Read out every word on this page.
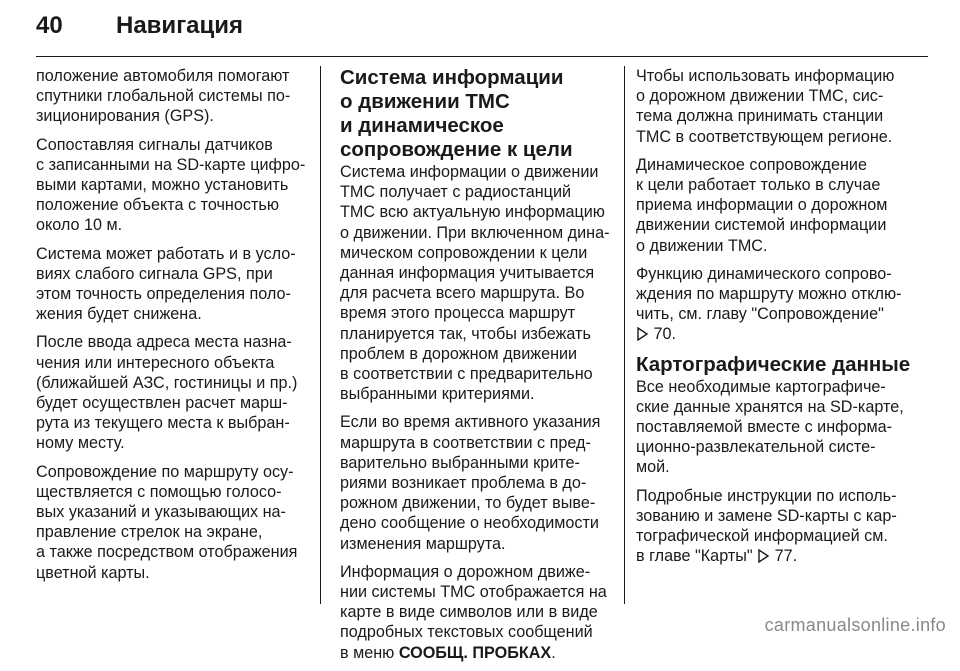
40 Навигация

положение автомобиля помогают
спутники глобальной системы по-
зиционирования (GPS).

Сопоставляя сигналы датчиков
с записанными на SD-карте цифро-
выми картами, можно установить
положение объекта с точностью
около 10 м.

Система может работать и в усло-
виях слабого сигнала GPS, при
этом точность определения поло-
жения будет снижена.

После ввода адреса места назна-
чения или интересного объекта
(ближайшей АЗС, гостиницы и пр.)
будет осуществлен расчет марш-
рута из текущего места к выбран-
ному месту.

Сопровождение по маршруту осу-
ществляется с помощью голосо-
вых указаний и указывающих на-
правление стрелок на экране,
а также посредством отображения
цветной карты.

Система информации
о движении TMC
и динамическое
сопровождение к цели

Система информации о движении
TMC получает с радиостанций
TMC всю актуальную информацию
о движении. При включенном дина-
мическом сопровождении к цели
данная информация учитывается
для расчета всего маршрута. Во
время этого процесса маршрут
планируется так, чтобы избежать
проблем в дорожном движении
в соответствии с предварительно
выбранными критериями.

Если во время активного указания
маршрута в соответствии с пред-
варительно выбранными крите-
риями возникает проблема в до-
рожном движении, то будет выве-
дено сообщение о необходимости
изменения маршрута.

Информация о дорожном движе-
нии системы TMC отображается на
карте в виде символов или в виде
подробных текстовых сообщений
в меню СООБЩ. ПРОБКАХ.

Чтобы использовать информацию
о дорожном движении TMC, сис-
тема должна принимать станции
TMC в соответствующем регионе.

Динамическое сопровождение
к цели работает только в случае
приема информации о дорожном
движении системой информации
о движении TMC.

Функцию динамического сопрово-
ждения по маршруту можно отклю-
чить, см. главу "Сопровождение"
70.

Картографические данные

Все необходимые картографиче-
ские данные хранятся на SD-карте,
поставляемой вместе с информа-
ционно-развлекательной систе-
мой.

Подробные инструкции по исполь-
зованию и замене SD-карты с кар-
тографической информацией см.
в главе "Карты"  77.

carmanualsonline.info
